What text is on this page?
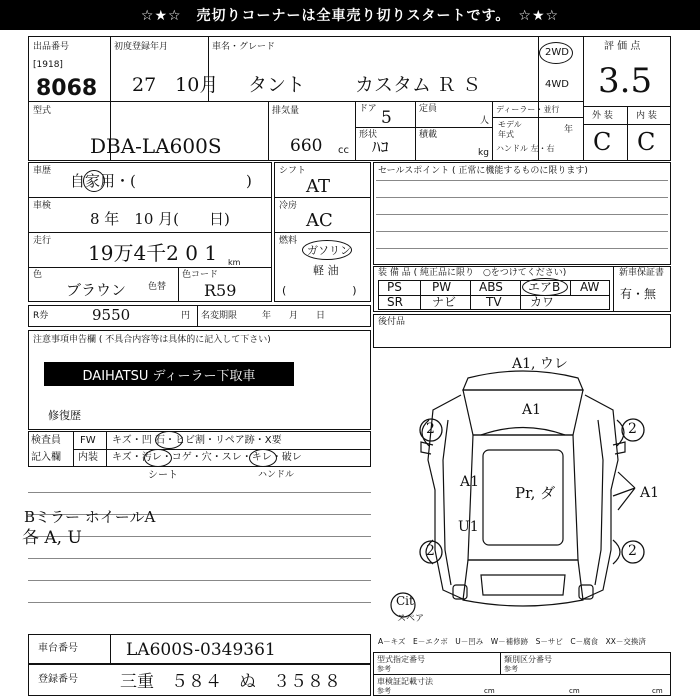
☆★☆　売切りコーナーは全車売り切りスタートです。　☆★☆
出品番号
[1918]
8068
初度登録年月
27　10月
車名・グレード
タント	カスタム Ｒ Ｓ
2WD
4WD
評 価 点
3.5
外 装	内 装
C C
型式
DBA-LA600S
排気量
660 cc
ドア 5
形状
ﾊｺ
定員
人
積載
kg
ディーラー・並行
モデル
年式	年
ハンドル 左・右
車歴
自家用・(	)
車検
8 年　10 月(　　日)
走行 19万4千2 0 1 km
色
ブラウン 色替
色コード
R59
シフト
AT
冷房
AC
燃料
ガソリン
軽 油
(　　　　　　)
R券	9550	円 名変期限	年　　月　　日
注意事項申告欄 ( 不具合内容等は具体的に記入して下さい)
DAIHATSU ディーラー下取車
修復歴
検査員
記入欄
FW キズ・凹 石・ヒビ割・リペア跡・X要
内装 キズ・汚レ・コゲ・穴・スレ・キレ・破レ
シート	ハンドル
Bミラー ホイールA
各 A, U
セールスポイント ( 正常に機能するものに限ります)
装 備 品 ( 純正品に限り　○をつけてください)	新車保証書
有・無
PS	PW ABS エアB AW
SR ナビ TV カワ
後付品
A1, ウレ
A1
Pr, ダ
A1
U1
A1
2	2
2	2
Cit
スペア
A－キズ　E－エクボ　U－凹み　W－補修跡　S－サビ　C－腐食　XX－交換済
型式指定番号
参考
類別区分番号
参考
車検証記載寸法
参考	cm	cm	cm
車台番号	LA600S-0349361
登録番号 三重　５８４　ぬ　３５８８
